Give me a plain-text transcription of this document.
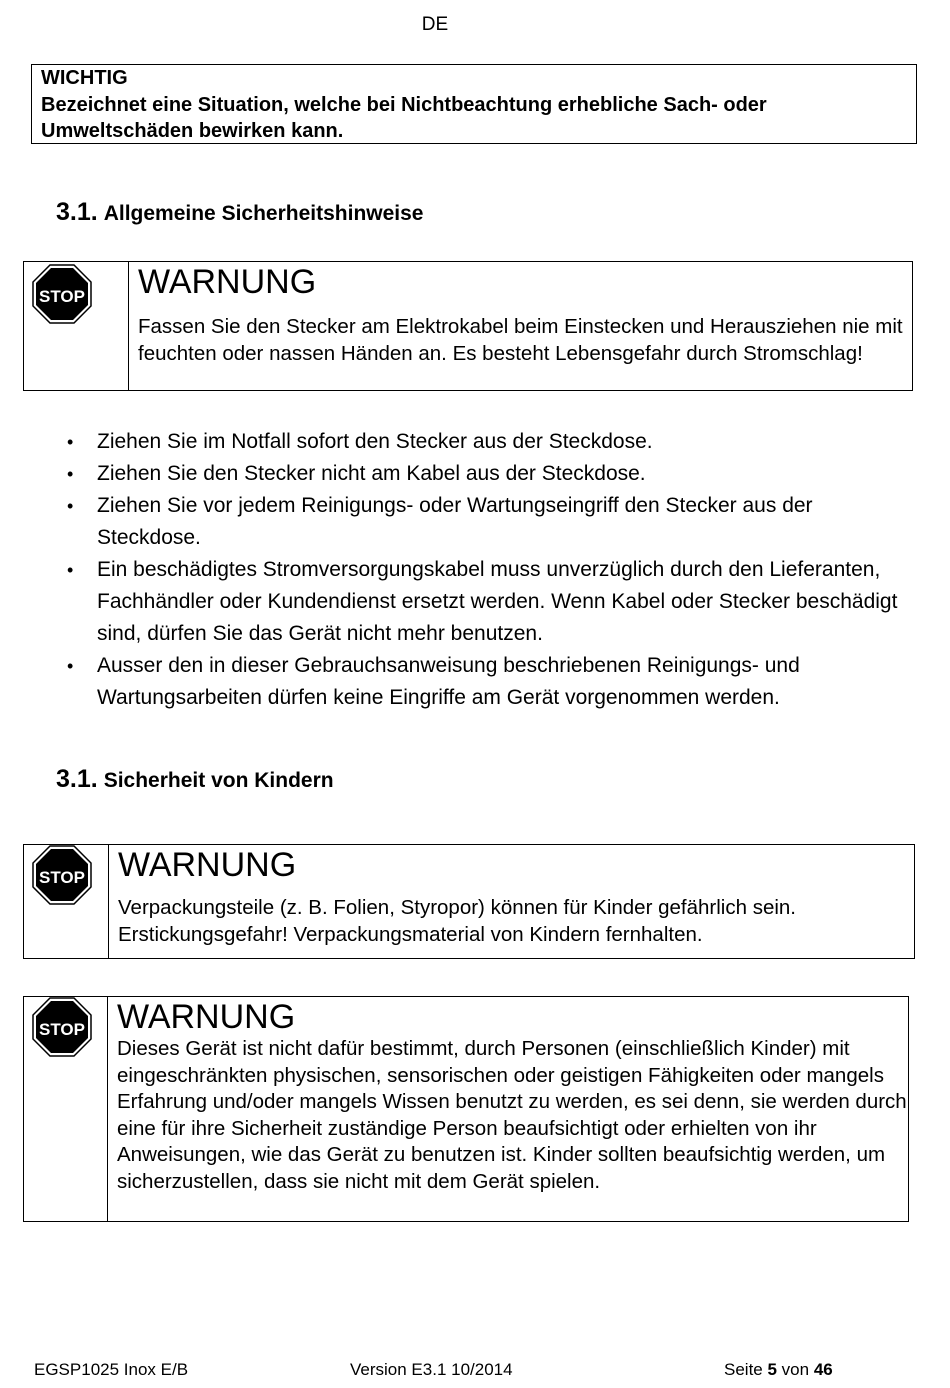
DE
WICHTIG
Bezeichnet eine Situation, welche bei Nichtbeachtung erhebliche Sach- oder Umweltschäden bewirken kann.
3.1. Allgemeine Sicherheitshinweise
STOP WARNUNG
Fassen Sie den Stecker am Elektrokabel beim Einstecken und Herausziehen nie mit feuchten oder nassen Händen an. Es besteht Lebensgefahr durch Stromschlag!
• Ziehen Sie im Notfall sofort den Stecker aus der Steckdose.
• Ziehen Sie den Stecker nicht am Kabel aus der Steckdose.
• Ziehen Sie vor jedem Reinigungs- oder Wartungseingriff den Stecker aus der Steckdose.
• Ein beschädigtes Stromversorgungskabel muss unverzüglich durch den Lieferanten, Fachhändler oder Kundendienst ersetzt werden. Wenn Kabel oder Stecker beschädigt sind, dürfen Sie das Gerät nicht mehr benutzen.
• Ausser den in dieser Gebrauchsanweisung beschriebenen Reinigungs- und Wartungsarbeiten dürfen keine Eingriffe am Gerät vorgenommen werden.
3.1. Sicherheit von Kindern
STOP WARNUNG
Verpackungsteile (z. B. Folien, Styropor) können für Kinder gefährlich sein. Erstickungsgefahr! Verpackungsmaterial von Kindern fernhalten.
STOP WARNUNG
Dieses Gerät ist nicht dafür bestimmt, durch Personen (einschließlich Kinder) mit eingeschränkten physischen, sensorischen oder geistigen Fähigkeiten oder mangels Erfahrung und/oder mangels Wissen benutzt zu werden, es sei denn, sie werden durch eine für ihre Sicherheit zuständige Person beaufsichtigt oder erhielten von ihr Anweisungen, wie das Gerät zu benutzen ist. Kinder sollten beaufsichtig werden, um sicherzustellen, dass sie nicht mit dem Gerät spielen.
EGSP1025 Inox E/B	Version E3.1 10/2014	Seite 5 von 46
